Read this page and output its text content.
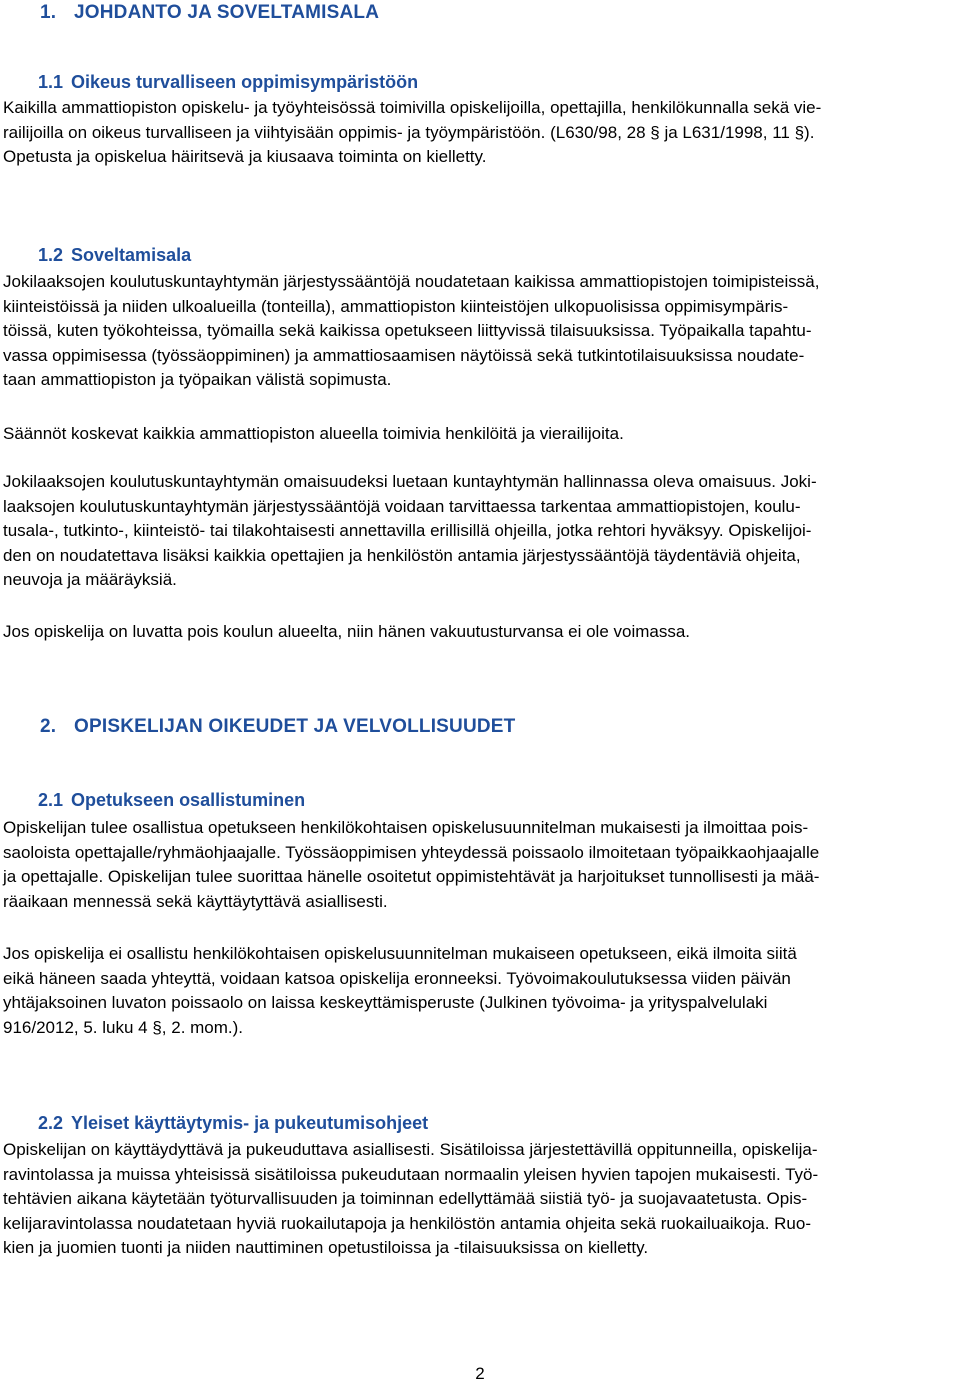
1. JOHDANTO JA SOVELTAMISALA
1.1 Oikeus turvalliseen oppimisympäristöön
Kaikilla ammattiopiston opiskelu- ja työyhteisössä toimivilla opiskelijoilla, opettajilla, henkilökunnalla sekä vie-
railijoilla on oikeus turvalliseen ja viihtyisään oppimis- ja työympäristöön. (L630/98, 28 § ja L631/1998, 11 §).
Opetusta ja opiskelua häiritsevä ja kiusaava toiminta on kielletty.
1.2 Soveltamisala
Jokilaaksojen koulutuskuntayhtymän järjestyssääntöjä noudatetaan kaikissa ammattiopistojen toimipisteissä,
kiinteistöissä ja niiden ulkoalueilla (tonteilla), ammattiopiston kiinteistöjen ulkopuolisissa oppimisympäris-
töissä, kuten työkohteissa, työmailla sekä kaikissa opetukseen liittyvissä tilaisuuksissa. Työpaikalla tapahtu-
vassa oppimisessa (työssäoppiminen) ja ammattiosaamisen näytöissä sekä tutkintotilaisuuksissa noudate-
taan ammattiopiston ja työpaikan välistä sopimusta.
Säännöt koskevat kaikkia ammattiopiston alueella toimivia henkilöitä ja vierailijoita.
Jokilaaksojen koulutuskuntayhtymän omaisuudeksi luetaan kuntayhtymän hallinnassa oleva omaisuus. Joki-
laaksojen koulutuskuntayhtymän järjestyssääntöjä voidaan tarvittaessa tarkentaa ammattiopistojen, koulu-
tusala-, tutkinto-, kiinteistö- tai tilakohtaisesti annettavilla erillisillä ohjeilla, jotka rehtori hyväksyy. Opiskelijoi-
den on noudatettava lisäksi kaikkia opettajien ja henkilöstön antamia järjestyssääntöjä täydentäviä ohjeita,
neuvoja ja määräyksiä.
Jos opiskelija on luvatta pois koulun alueelta, niin hänen vakuutusturvansa ei ole voimassa.
2. OPISKELIJAN OIKEUDET JA VELVOLLISUUDET
2.1 Opetukseen osallistuminen
Opiskelijan tulee osallistua opetukseen henkilökohtaisen opiskelusuunnitelman mukaisesti ja ilmoittaa pois-
saoloista opettajalle/ryhmäohjaajalle. Työssäoppimisen yhteydessä poissaolo ilmoitetaan työpaikkaohjaajalle
ja opettajalle. Opiskelijan tulee suorittaa hänelle osoitetut oppimistehtävät ja harjoitukset tunnollisesti ja mää-
räaikaan mennessä sekä käyttäytyttävä asiallisesti.
Jos opiskelija ei osallistu henkilökohtaisen opiskelusuunnitelman mukaiseen opetukseen, eikä ilmoita siitä
eikä häneen saada yhteyttä, voidaan katsoa opiskelija eronneeksi. Työvoimakoulutuksessa viiden päivän
yhtäjaksoinen luvaton poissaolo on laissa keskeyttämisperuste (Julkinen työvoima- ja yrityspalvelulaki
916/2012, 5. luku 4 §, 2. mom.).
2.2 Yleiset käyttäytymis- ja pukeutumisohjeet
Opiskelijan on käyttäydyttävä ja pukeuduttava asiallisesti. Sisätiloissa järjestettävillä oppitunneilla, opiskelija-
ravintolassa ja muissa yhteisissä sisätiloissa pukeudutaan normaalin yleisen hyvien tapojen mukaisesti. Työ-
tehtävien aikana käytetään työturvallisuuden ja toiminnan edellyttämää siistiä työ- ja suojavaatetusta. Opis-
kelijaravintolassa noudatetaan hyviä ruokailutapoja ja henkilöstön antamia ohjeita sekä ruokailuaikoja. Ruo-
kien ja juomien tuonti ja niiden nauttiminen opetustiloissa ja -tilaisuuksissa on kielletty.
2
